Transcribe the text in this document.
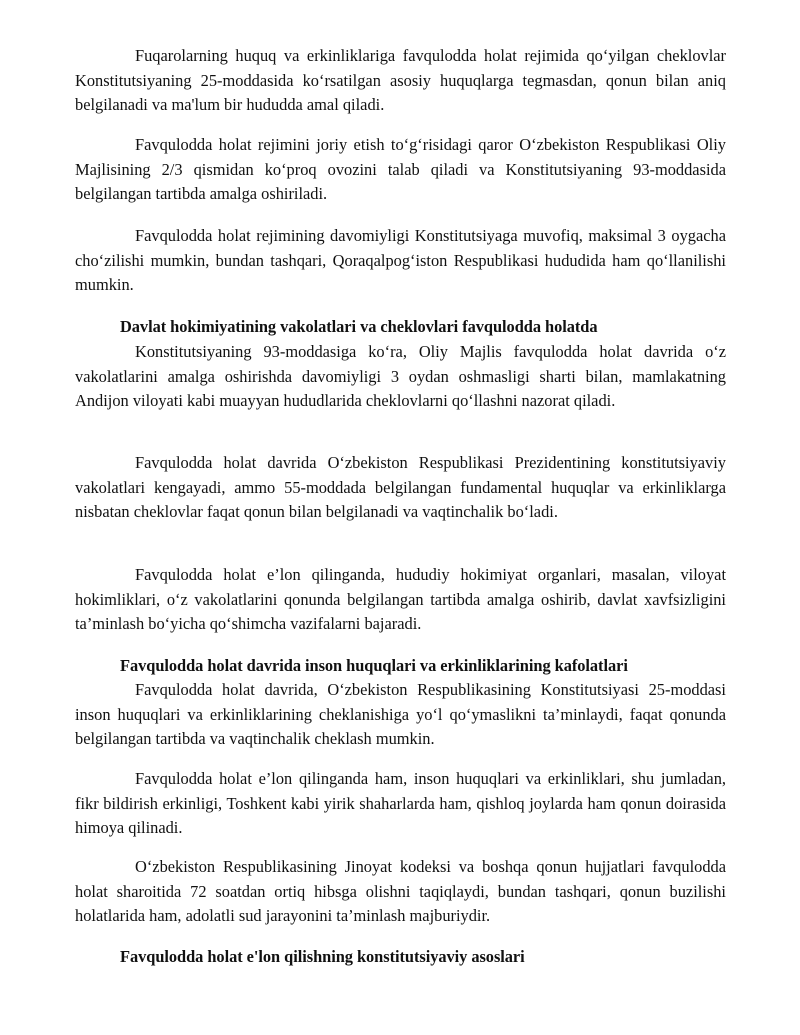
Fuqarolarning huquq va erkinliklariga favqulodda holat rejimida qo‘yilgan cheklovlar Konstitutsiyaning 25-moddasida ko‘rsatilgan asosiy huquqlarga tegmasdan, qonun bilan aniq belgilanadi va ma'lum bir hududda amal qiladi.

Favqulodda holat rejimini joriy etish to‘g‘risidagi qaror O‘zbekiston Respublikasi Oliy Majlisining 2/3 qismidan ko‘proq ovozini talab qiladi va Konstitutsiyaning 93-moddasida belgilangan tartibda amalga oshiriladi.

Favqulodda holat rejimining davomiyligi Konstitutsiyaga muvofiq, maksimal 3 oygacha cho‘zilishi mumkin, bundan tashqari, Qoraqalpog‘iston Respublikasi hududida ham qo‘llanilishi mumkin.

Davlat hokimiyatining vakolatlari va cheklovlari favqulodda holatda

Konstitutsiyaning 93-moddasiga ko‘ra, Oliy Majlis favqulodda holat davrida o‘z vakolatlarini amalga oshirishda davomiyligi 3 oydan oshmasligi sharti bilan, mamlakatning Andijon viloyati kabi muayyan hududlarida cheklovlarni qo‘llashni nazorat qiladi.

Favqulodda holat davrida O‘zbekiston Respublikasi Prezidentining konstitutsiyaviy vakolatlari kengayadi, ammo 55-moddada belgilangan fundamental huquqlar va erkinliklarga nisbatan cheklovlar faqat qonun bilan belgilanadi va vaqtinchalik bo‘ladi.

Favqulodda holat e’lon qilinganda, hududiy hokimiyat organlari, masalan, viloyat hokimliklari, o‘z vakolatlarini qonunda belgilangan tartibda amalga oshirib, davlat xavfsizligini ta’minlash bo‘yicha qo‘shimcha vazifalarni bajaradi.

Favqulodda holat davrida inson huquqlari va erkinliklarining kafolatlari

Favqulodda holat davrida, O‘zbekiston Respublikasining Konstitutsiyasi 25-moddasi inson huquqlari va erkinliklarining cheklanishiga yo‘l qo‘ymaslikni ta’minlaydi, faqat qonunda belgilangan tartibda va vaqtinchalik cheklash mumkin.

Favqulodda holat e’lon qilinganda ham, inson huquqlari va erkinliklari, shu jumladan, fikr bildirish erkinligi, Toshkent kabi yirik shaharlarda ham, qishloq joylarda ham qonun doirasida himoya qilinadi.

O‘zbekiston Respublikasining Jinoyat kodeksi va boshqa qonun hujjatlari favqulodda holat sharoitida 72 soatdan ortiq hibsga olishni taqiqlaydi, bundan tashqari, qonun buzilishi holatlarida ham, adolatli sud jarayonini ta’minlash majburiydir.

Favqulodda holat e'lon qilishning konstitutsiyaviy asoslari
